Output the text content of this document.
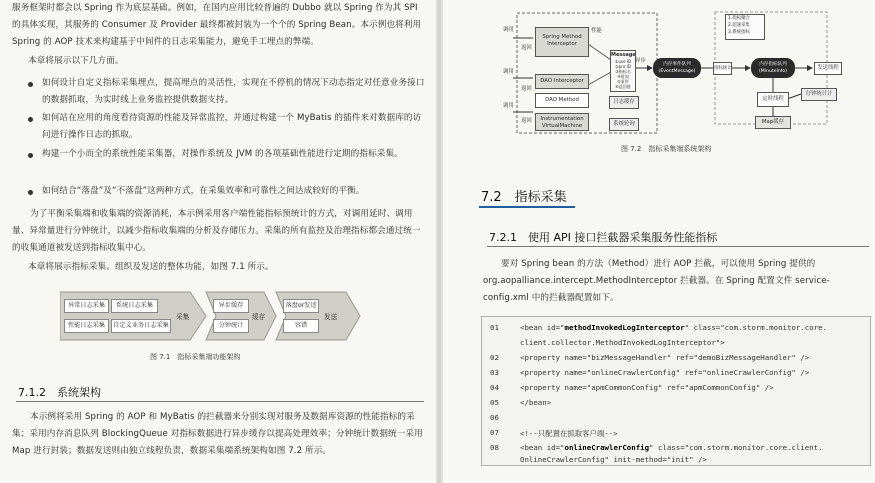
服务框架时都会以 Spring 作为底层基础。例如，在国内应用比较普遍的 Dubbo 就以 Spring 作为其 SPI 的具体实现，其服务的 Consumer 及 Provider 最终都被封装为一个个的 Spring Bean。本示例也将利用 Spring 的 AOP 技术来构建基于中间件的日志采集能力，避免手工埋点的弊端。
本章将展示以下几方面。
如何设计自定义指标采集埋点，提高埋点的灵活性，实现在不停机的情况下动态指定对任意业务接口的数据抓取，为实时线上业务监控提供数据支持。
如何站在应用的角度看待资源的性能及异常监控，并通过构建一个 MyBatis 的插件来对数据库的访问进行操作日志的抓取。
构建一个小而全的系统性能采集器，对操作系统及 JVM 的各项基础性能进行定期的指标采集。
如何结合“落盘”及“不落盘”这两种方式，在采集效率和可靠性之间达成较好的平衡。
为了平衡采集端和收集端的资源消耗，本示例采用客户端性能指标预统计的方式，对调用延时、调用量、异常量进行分钟统计，以减少指标收集端的分析及存储压力。采集的所有监控及治理指标都会通过统一的收集通道被发送到指标收集中心。
本章将展示指标采集、组织及发送的整体功能，如图 7.1 所示。
异常日志采集	系统日志采集
性能日志采集	自定义业务日志采集
采集
异步缓存
分钟统计
缓存
落盘or发送
容错
发送
图 7.1　指标采集端功能架构
7.1.2　系统架构
本示例将采用 Spring 的 AOP 和 MyBatis 的拦截器来分别实现对服务及数据库资源的性能指标的采集；采用内存消息队列 BlockingQueue 对指标数据进行异步缓存以提高处理效率；分钟统计数据统一采用 Map 进行封装；数据发送则由独立线程负责，数据采集端系统架构如图 7.2 所示。
调用
调用
调用
返回
返回
返回
Spring Method Interceptor
DAO Interceptor
DAO Method
Instrumentation VirtualMachine
Message
①use ID
②pro ID
③指标名
④时间
⑤事件
⑥返回值
性能
异步
日志缓存
系统轮询
内存事件队列 (EventMessage)
指标统计
内存指标队列 (MinuteInfo)
发送线程
定时线程
分钟统计计
Map缓存
1.指标聚合
2.超速采集
3.系统指标
图 7.2　指标采集端系统架构
7.2　指标采集
7.2.1　使用 API 接口拦截器采集服务性能指标
要对 Spring bean 的方法（Method）进行 AOP 拦截，可以使用 Spring 提供的 org.aopalliance.intercept.MethodInterceptor 拦截器。在 Spring 配置文件 service-config.xml 中的拦截器配置如下。
01	<bean id="methodInvokedLogInterceptor" class="com.storm.monitor.core.
client.collector.MethodInvokedLogInterceptor">
02	<property name="bizMessageHandler" ref="demoBizMessageHandler" />
03	<property name="onlineCrawlerConfig" ref="onlineCrawlerConfig" />
04	<property name="apmCommonConfig" ref="apmCommonConfig" />
05	</bean>
06
07	<!--只配置在抓取客户端-->
08	<bean id="onlineCrawlerConfig" class="com.storm.monitor.core.client.
OnlineCrawlerConfig" init-method="init" />
